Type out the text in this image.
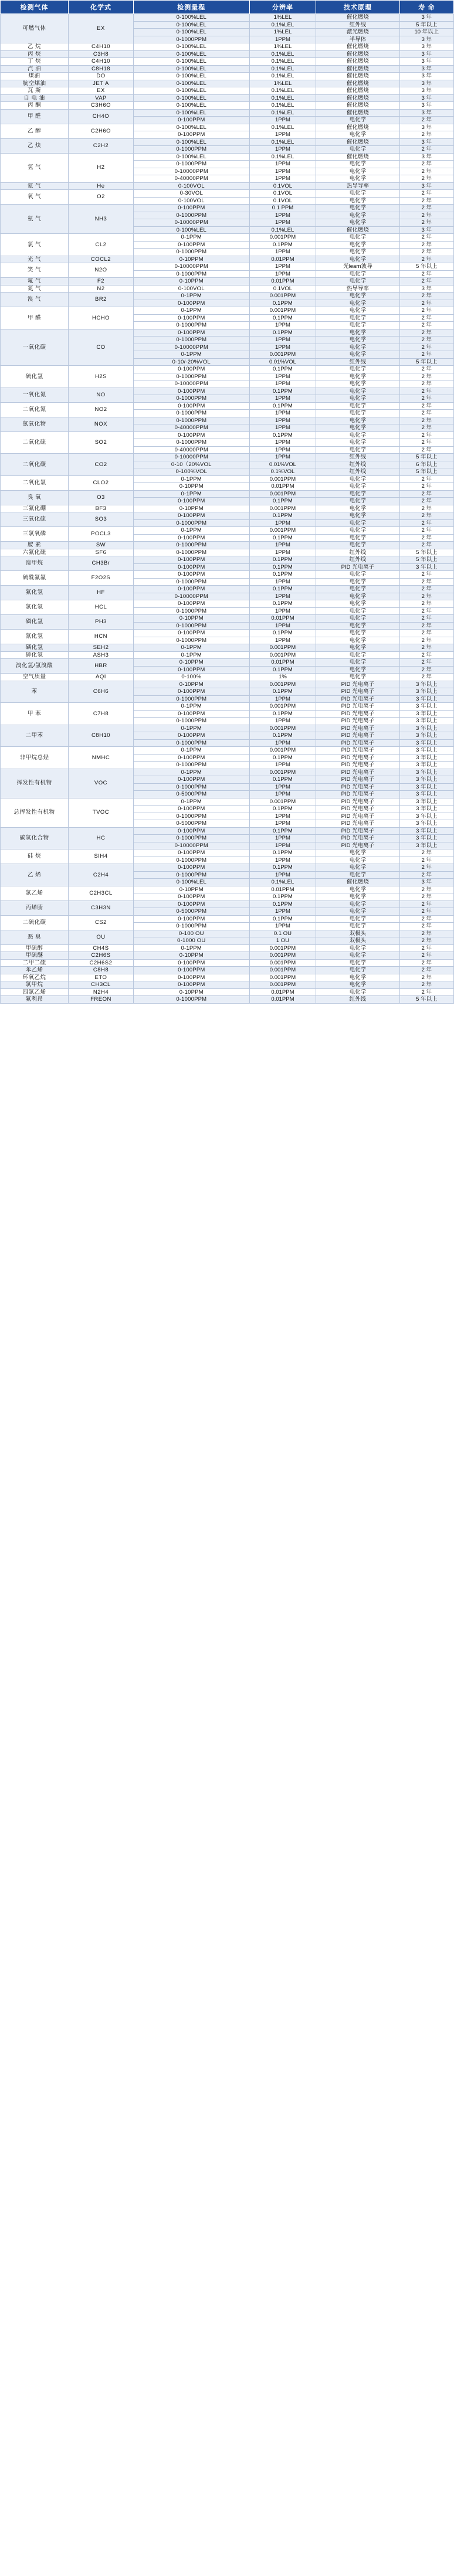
检测气体	化学式	检测量程	分辨率	技术原理	寿 命
可燃气体	EX	0-100%LEL	1%LEL	催化燃烧	3 年
		0-100%LEL	0.1%LEL	红外线	5 年以上
		0-100%LEL	1%LEL	激光燃烧	10 年以上
		0-1000PPM	1PPM	半导体	3 年
乙 烷	C4H10	0-100%LEL	1%LEL	催化燃烧	3 年
丙 烷	C3H8	0-100%LEL	0.1%LEL	催化燃烧	3 年
丁 烷	C4H10	0-100%LEL	0.1%LEL	催化燃烧	3 年
汽 油	C8H18	0-100%LEL	0.1%LEL	催化燃烧	3 年
煤油	DO	0-100%LEL	0.1%LEL	催化燃烧	3 年
航空煤油	JET A	0-100%LEL	1%LEL	催化燃烧	3 年
瓦 斯	EX	0-100%LEL	0.1%LEL	催化燃烧	3 年
自 电 油	VAP	0-100%LEL	0.1%LEL	催化燃烧	3 年
丙 酮	C3H6O	0-100%LEL	0.1%LEL	催化燃烧	3 年
甲 醛	CH4O	0-100%LEL	0.1%LEL	催化燃烧	3 年
		0-100PPM	1PPM	电化学	2 年
乙 醇	C2H6O	0-100%LEL	0.1%LEL	催化燃烧	3 年
		0-100PPM	1PPM	电化学	2 年
乙 炔	C2H2	0-100%LEL	0.1%LEL	催化燃烧	3 年
		0-1000PPM	1PPM	电化学	2 年
氢 气	H2	0-100%LEL	0.1%LEL	催化燃烧	3 年
		0-1000PPM	1PPM	电化学	2 年
		0-10000PPM	1PPM	电化学	2 年
		0-40000PPM	1PPM	电化学	2 年
氦 气	He	0-100VOL	0.1VOL	热导导率	3 年
氧 气	O2	0-30VOL	0.1VOL	电化学	2 年
		0-100VOL	0.1VOL	电化学	2 年
氨 气	NH3	0-100PPM	0.1 PPM	电化学	2 年
		0-1000PPM	1PPM	电化学	2 年
		0-10000PPM	1PPM	电化学	2 年
		0-100%LEL	0.1%LEL	催化燃烧	3 年
氯 气	CL2	0-1PPM	0.001PPM	电化学	2 年
		0-100PPM	0.1PPM	电化学	2 年
		0-1000PPM	1PPM	电化学	2 年
光 气	COCL2	0-10PPM	0.01PPM	电化学	2 年
笑 气	N2O	0-10000PPM	1PPM	光learn波导	5 年以上
		0-1000PPM	1PPM	电化学	2 年
氟 气	F2	0-10PPM	0.01PPM	电化学	2 年
氮 气	N2	0-100VOL	0.1VOL	热导导率	3 年
溴 气	BR2	0-1PPM	0.001PPM	电化学	2 年
		0-100PPM	0.1PPM	电化学	2 年
甲 醛	HCHO	0-1PPM	0.001PPM	电化学	2 年
		0-100PPM	0.1PPM	电化学	2 年
		0-1000PPM	1PPM	电化学	2 年
一氧化碳	CO	0-100PPM	0.1PPM	电化学	2 年
		0-1000PPM	1PPM	电化学	2 年
		0-10000PPM	1PPM	电化学	2 年
		0-1PPM	0.001PPM	电化学	2 年
		0-10/-20%VOL	0.01%VOL	红外线	5 年以上
硫化氢	H2S	0-100PPM	0.1PPM	电化学	2 年
		0-1000PPM	1PPM	电化学	2 年
		0-10000PPM	1PPM	电化学	2 年
一氧化氮	NO	0-100PPM	0.1PPM	电化学	2 年
		0-1000PPM	1PPM	电化学	2 年
二氧化氮	NO2	0-100PPM	0.1PPM	电化学	2 年
		0-1000PPM	1PPM	电化学	2 年
氮氧化物	NOX	0-1000PPM	1PPM	电化学	2 年
		0-40000PPM	1PPM	电化学	2 年
二氧化硫	SO2	0-100PPM	0.1PPM	电化学	2 年
		0-1000PPM	1PPM	电化学	2 年
		0-40000PPM	1PPM	电化学	2 年
二氧化碳	CO2	0-10000PPM	1PPM	红外线	5 年以上
		0-10（20%VOL	0.01%VOL	红外线	6 年以上
		0-100%VOL	0.1%VOL	红外线	5 年以上
二氧化氯	CLO2	0-1PPM	0.001PPM	电化学	2 年
		0-10PPM	0.01PPM	电化学	2 年
臭 氧	O3	0-1PPM	0.001PPM	电化学	2 年
		0-100PPM	0.1PPM	电化学	2 年
三氟化硼	BF3	0-10PPM	0.001PPM	电化学	2 年
三氧化硫	SO3	0-100PPM	0.1PPM	电化学	2 年
		0-1000PPM	1PPM	电化学	2 年
三氯氧磷	POCL3	0-1PPM	0.001PPM	电化学	2 年
		0-100PPM	0.1PPM	电化学	2 年
胺 素	SW	0-1000PPM	1PPM	电化学	2 年
六氟化硫	SF6	0-1000PPM	1PPM	红外线	5 年以上
溴甲烷	CH3Br	0-100PPM	0.1PPM	红外线	5 年以上
		0-100PPM	0.1PPM	PID 光电离子	3 年以上
硫酰氟氟	F2O2S	0-100PPM	0.1PPM	电化学	2 年
		0-1000PPM	1PPM	电化学	2 年
氟化氢	HF	0-100PPM	0.1PPM	电化学	2 年
		0-10000PPM	1PPM	电化学	2 年
氯化氢	HCL	0-100PPM	0.1PPM	电化学	2 年
		0-1000PPM	1PPM	电化学	2 年
磷化氢	PH3	0-10PPM	0.01PPM	电化学	2 年
		0-1000PPM	1PPM	电化学	2 年
氰化氢	HCN	0-100PPM	0.1PPM	电化学	2 年
		0-1000PPM	1PPM	电化学	2 年
硒化氢	SEH2	0-1PPM	0.001PPM	电化学	2 年
砷化氢	ASH3	0-1PPM	0.001PPM	电化学	2 年
溴化氢/氢溴酸	HBR	0-10PPM	0.01PPM	电化学	2 年
		0-100PPM	0.1PPM	电化学	2 年
空气质量	AQI	0-100%	1%	电化学	2 年
苯	C6H6	0-10PPM	0.001PPM	PID 光电离子	3 年以上
		0-100PPM	0.1PPM	PID 光电离子	3 年以上
		0-1000PPM	1PPM	PID 光电离子	3 年以上
甲 苯	C7H8	0-1PPM	0.001PPM	PID 光电离子	3 年以上
		0-100PPM	0.1PPM	PID 光电离子	3 年以上
		0-1000PPM	1PPM	PID 光电离子	3 年以上
二甲苯	C8H10	0-1PPM	0.001PPM	PID 光电离子	3 年以上
		0-100PPM	0.1PPM	PID 光电离子	3 年以上
		0-1000PPM	1PPM	PID 光电离子	3 年以上
非甲烷总烃	NMHC	0-1PPM	0.001PPM	PID 光电离子	3 年以上
		0-100PPM	0.1PPM	PID 光电离子	3 年以上
		0-1000PPM	1PPM	PID 光电离子	3 年以上
挥发性有机物	VOC	0-1PPM	0.001PPM	PID 光电离子	3 年以上
		0-100PPM	0.1PPM	PID 光电离子	3 年以上
		0-1000PPM	1PPM	PID 光电离子	3 年以上
		0-5000PPM	1PPM	PID 光电离子	3 年以上
总挥发性有机物	TVOC	0-1PPM	0.001PPM	PID 光电离子	3 年以上
		0-100PPM	0.1PPM	PID 光电离子	3 年以上
		0-1000PPM	1PPM	PID 光电离子	3 年以上
		0-5000PPM	1PPM	PID 光电离子	3 年以上
碳氢化合物	HC	0-100PPM	0.1PPM	PID 光电离子	3 年以上
		0-1000PPM	1PPM	PID 光电离子	3 年以上
		0-10000PPM	1PPM	PID 光电离子	3 年以上
硅 烷	SIH4	0-100PPM	0.1PPM	电化学	2 年
		0-1000PPM	1PPM	电化学	2 年
乙 烯	C2H4	0-100PPM	0.1PPM	电化学	2 年
		0-1000PPM	1PPM	电化学	2 年
		0-100%LEL	0.1%LEL	催化燃烧	3 年
氯乙烯	C2H3CL	0-10PPM	0.01PPM	电化学	2 年
		0-100PPM	0.1PPM	电化学	2 年
丙烯腈	C3H3N	0-100PPM	0.1PPM	电化学	2 年
		0-5000PPM	1PPM	电化学	2 年
二硫化碳	CS2	0-100PPM	0.1PPM	电化学	2 年
		0-1000PPM	1PPM	电化学	2 年
恶 臭	OU	0-100 OU	0.1 OU	双极头	2 年
		0-1000 OU	1 OU	双极头	2 年
甲硫醇	CH4S	0-1PPM	0.001PPM	电化学	2 年
甲硫醚	C2H6S	0-10PPM	0.001PPM	电化学	2 年
二甲二硫	C2H6S2	0-100PPM	0.001PPM	电化学	2 年
苯乙烯	C8H8	0-100PPM	0.001PPM	电化学	2 年
环氧乙烷	ETO	0-100PPM	0.001PPM	电化学	2 年
氯甲烷	CH3CL	0-100PPM	0.001PPM	电化学	2 年
四氯乙烯	N2H4	0-10PPM	0.01PPM	电化学	2 年
氟利昂	FREON	0-1000PPM	0.01PPM	红外线	5 年以上
